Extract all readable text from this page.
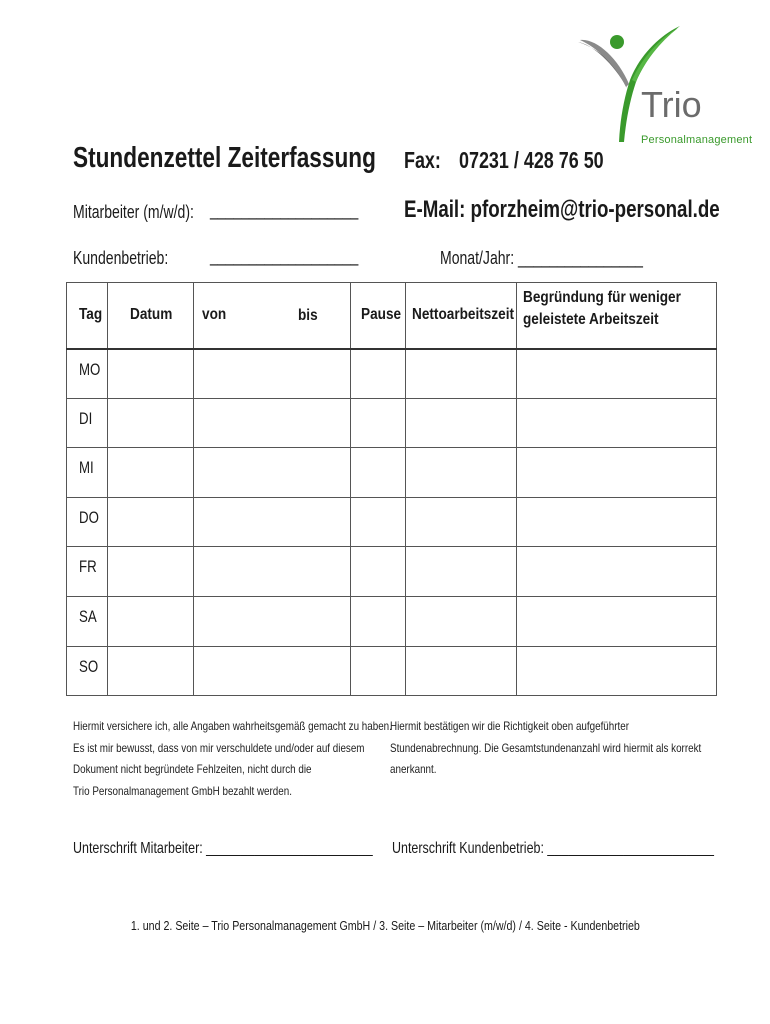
Trio
Personalmanagement
Stundenzettel Zeiterfassung	Fax: 07231 / 428 76 50
Mitarbeiter (m/w/d): ___________________	E-Mail: pforzheim@trio-personal.de
Kundenbetrieb:	___________________	Monat/Jahr: ________________
Tag	Datum	von bis	Pause	Nettoarbeitszeit	Begründung für weniger
geleistete Arbeitszeit
MO					
DI					
MI					
DO					
FR					
SA					
SO					
Hiermit versichere ich, alle Angaben wahrheitsgemäß gemacht zu haben.
Es ist mir bewusst, dass von mir verschuldete und/oder auf diesem
Dokument nicht begründete Fehlzeiten, nicht durch die
Trio Personalmanagement GmbH bezahlt werden.
Hiermit bestätigen wir die Richtigkeit oben aufgeführter
Stundenabrechnung. Die Gesamtstundenanzahl wird hiermit als korrekt
anerkannt.
Unterschrift Mitarbeiter: ________________________	Unterschrift Kundenbetrieb: ________________________
1. und 2. Seite – Trio Personalmanagement GmbH / 3. Seite – Mitarbeiter (m/w/d) / 4. Seite - Kundenbetrieb
